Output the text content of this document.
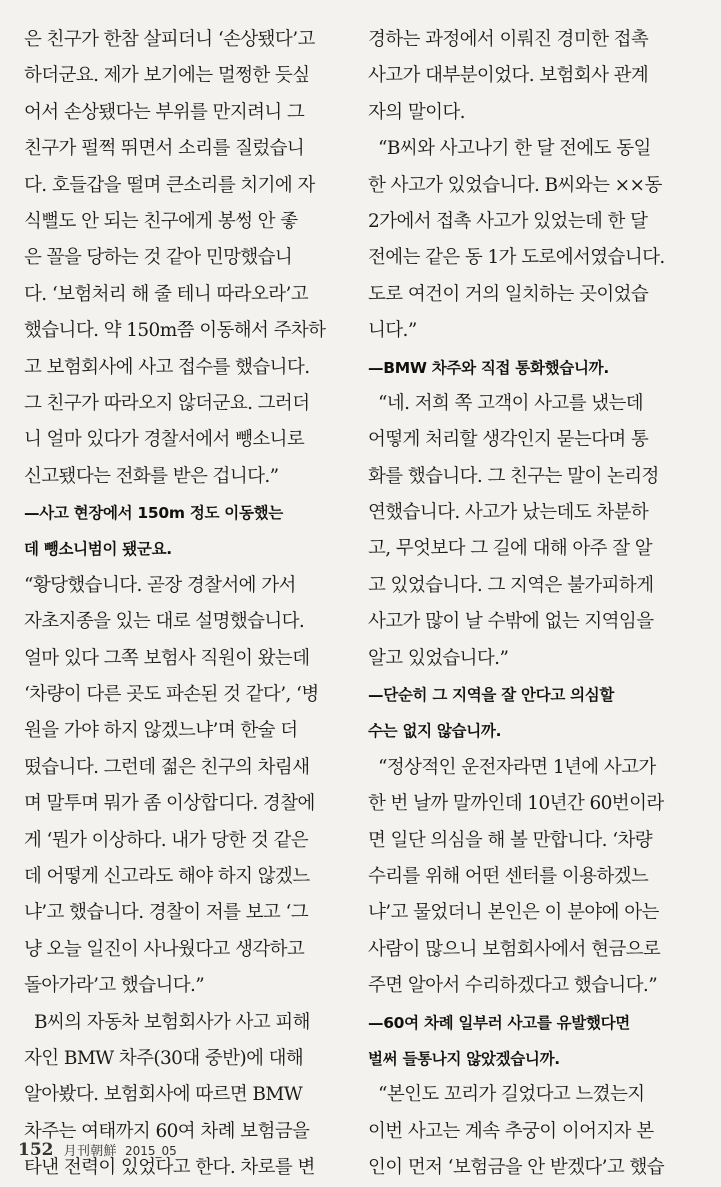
은 친구가 한참 살피더니 ‘손상됐다’고
하더군요. 제가 보기에는 멀쩡한 듯싶
어서 손상됐다는 부위를 만지려니 그
친구가 펄쩍 뛰면서 소리를 질렀습니
다. 호들갑을 떨며 큰소리를 치기에 자
식뻘도 안 되는 친구에게 봉썽 안 좋
은 꼴을 당하는 것 같아 민망했습니
다. ‘보험처리 해 줄 테니 따라오라’고
했습니다. 약 150m쯤 이동해서 주차하
고 보험회사에 사고 접수를 했습니다.
그 친구가 따라오지 않더군요. 그러더
니 얼마 있다가 경찰서에서 뺑소니로
신고됐다는 전화를 받은 겁니다.”
—사고 현장에서 150m 정도 이동했는
데 뺑소니범이 됐군요.
“황당했습니다. 곧장 경찰서에 가서
자초지종을 있는 대로 설명했습니다.
얼마 있다 그쪽 보험사 직원이 왔는데
‘차량이 다른 곳도 파손된 것 같다’, ‘병
원을 가야 하지 않겠느냐’며 한술 더
떴습니다. 그런데 젊은 친구의 차림새
며 말투며 뭐가 좀 이상합디다. 경찰에
게 ‘뭔가 이상하다. 내가 당한 것 같은
데 어떻게 신고라도 해야 하지 않겠느
냐’고 했습니다. 경찰이 저를 보고 ‘그
냥 오늘 일진이 사나웠다고 생각하고
돌아가라’고 했습니다.”
B씨의 자동차 보험회사가 사고 피해
자인 BMW 차주(30대 중반)에 대해
알아봤다. 보험회사에 따르면 BMW
차주는 여태까지 60여 차례 보험금을
타낸 전력이 있었다고 한다. 차로를 변
경하는 과정에서 이뤄진 경미한 접촉
사고가 대부분이었다. 보험회사 관계
자의 말이다.
“B씨와 사고나기 한 달 전에도 동일
한 사고가 있었습니다. B씨와는 ××동
2가에서 접촉 사고가 있었는데 한 달
전에는 같은 동 1가 도로에서였습니다.
도로 여건이 거의 일치하는 곳이었습
니다.”
—BMW 차주와 직접 통화했습니까.
“네. 저희 쪽 고객이 사고를 냈는데
어떻게 처리할 생각인지 묻는다며 통
화를 했습니다. 그 친구는 말이 논리정
연했습니다. 사고가 났는데도 차분하
고, 무엇보다 그 길에 대해 아주 잘 알
고 있었습니다. 그 지역은 불가피하게
사고가 많이 날 수밖에 없는 지역임을
알고 있었습니다.”
—단순히 그 지역을 잘 안다고 의심할
수는 없지 않습니까.
“정상적인 운전자라면 1년에 사고가
한 번 날까 말까인데 10년간 60번이라
면 일단 의심을 해 볼 만합니다. ‘차량
수리를 위해 어떤 센터를 이용하겠느
냐’고 물었더니 본인은 이 분야에 아는
사람이 많으니 보험회사에서 현금으로
주면 알아서 수리하겠다고 했습니다.”
—60여 차례 일부러 사고를 유발했다면
벌써 들통나지 않았겠습니까.
“본인도 꼬리가 길었다고 느꼈는지
이번 사고는 계속 추궁이 이어지자 본
인이 먼저 ‘보험금을 안 받겠다’고 했습
152 月刊朝鮮 2015_05
